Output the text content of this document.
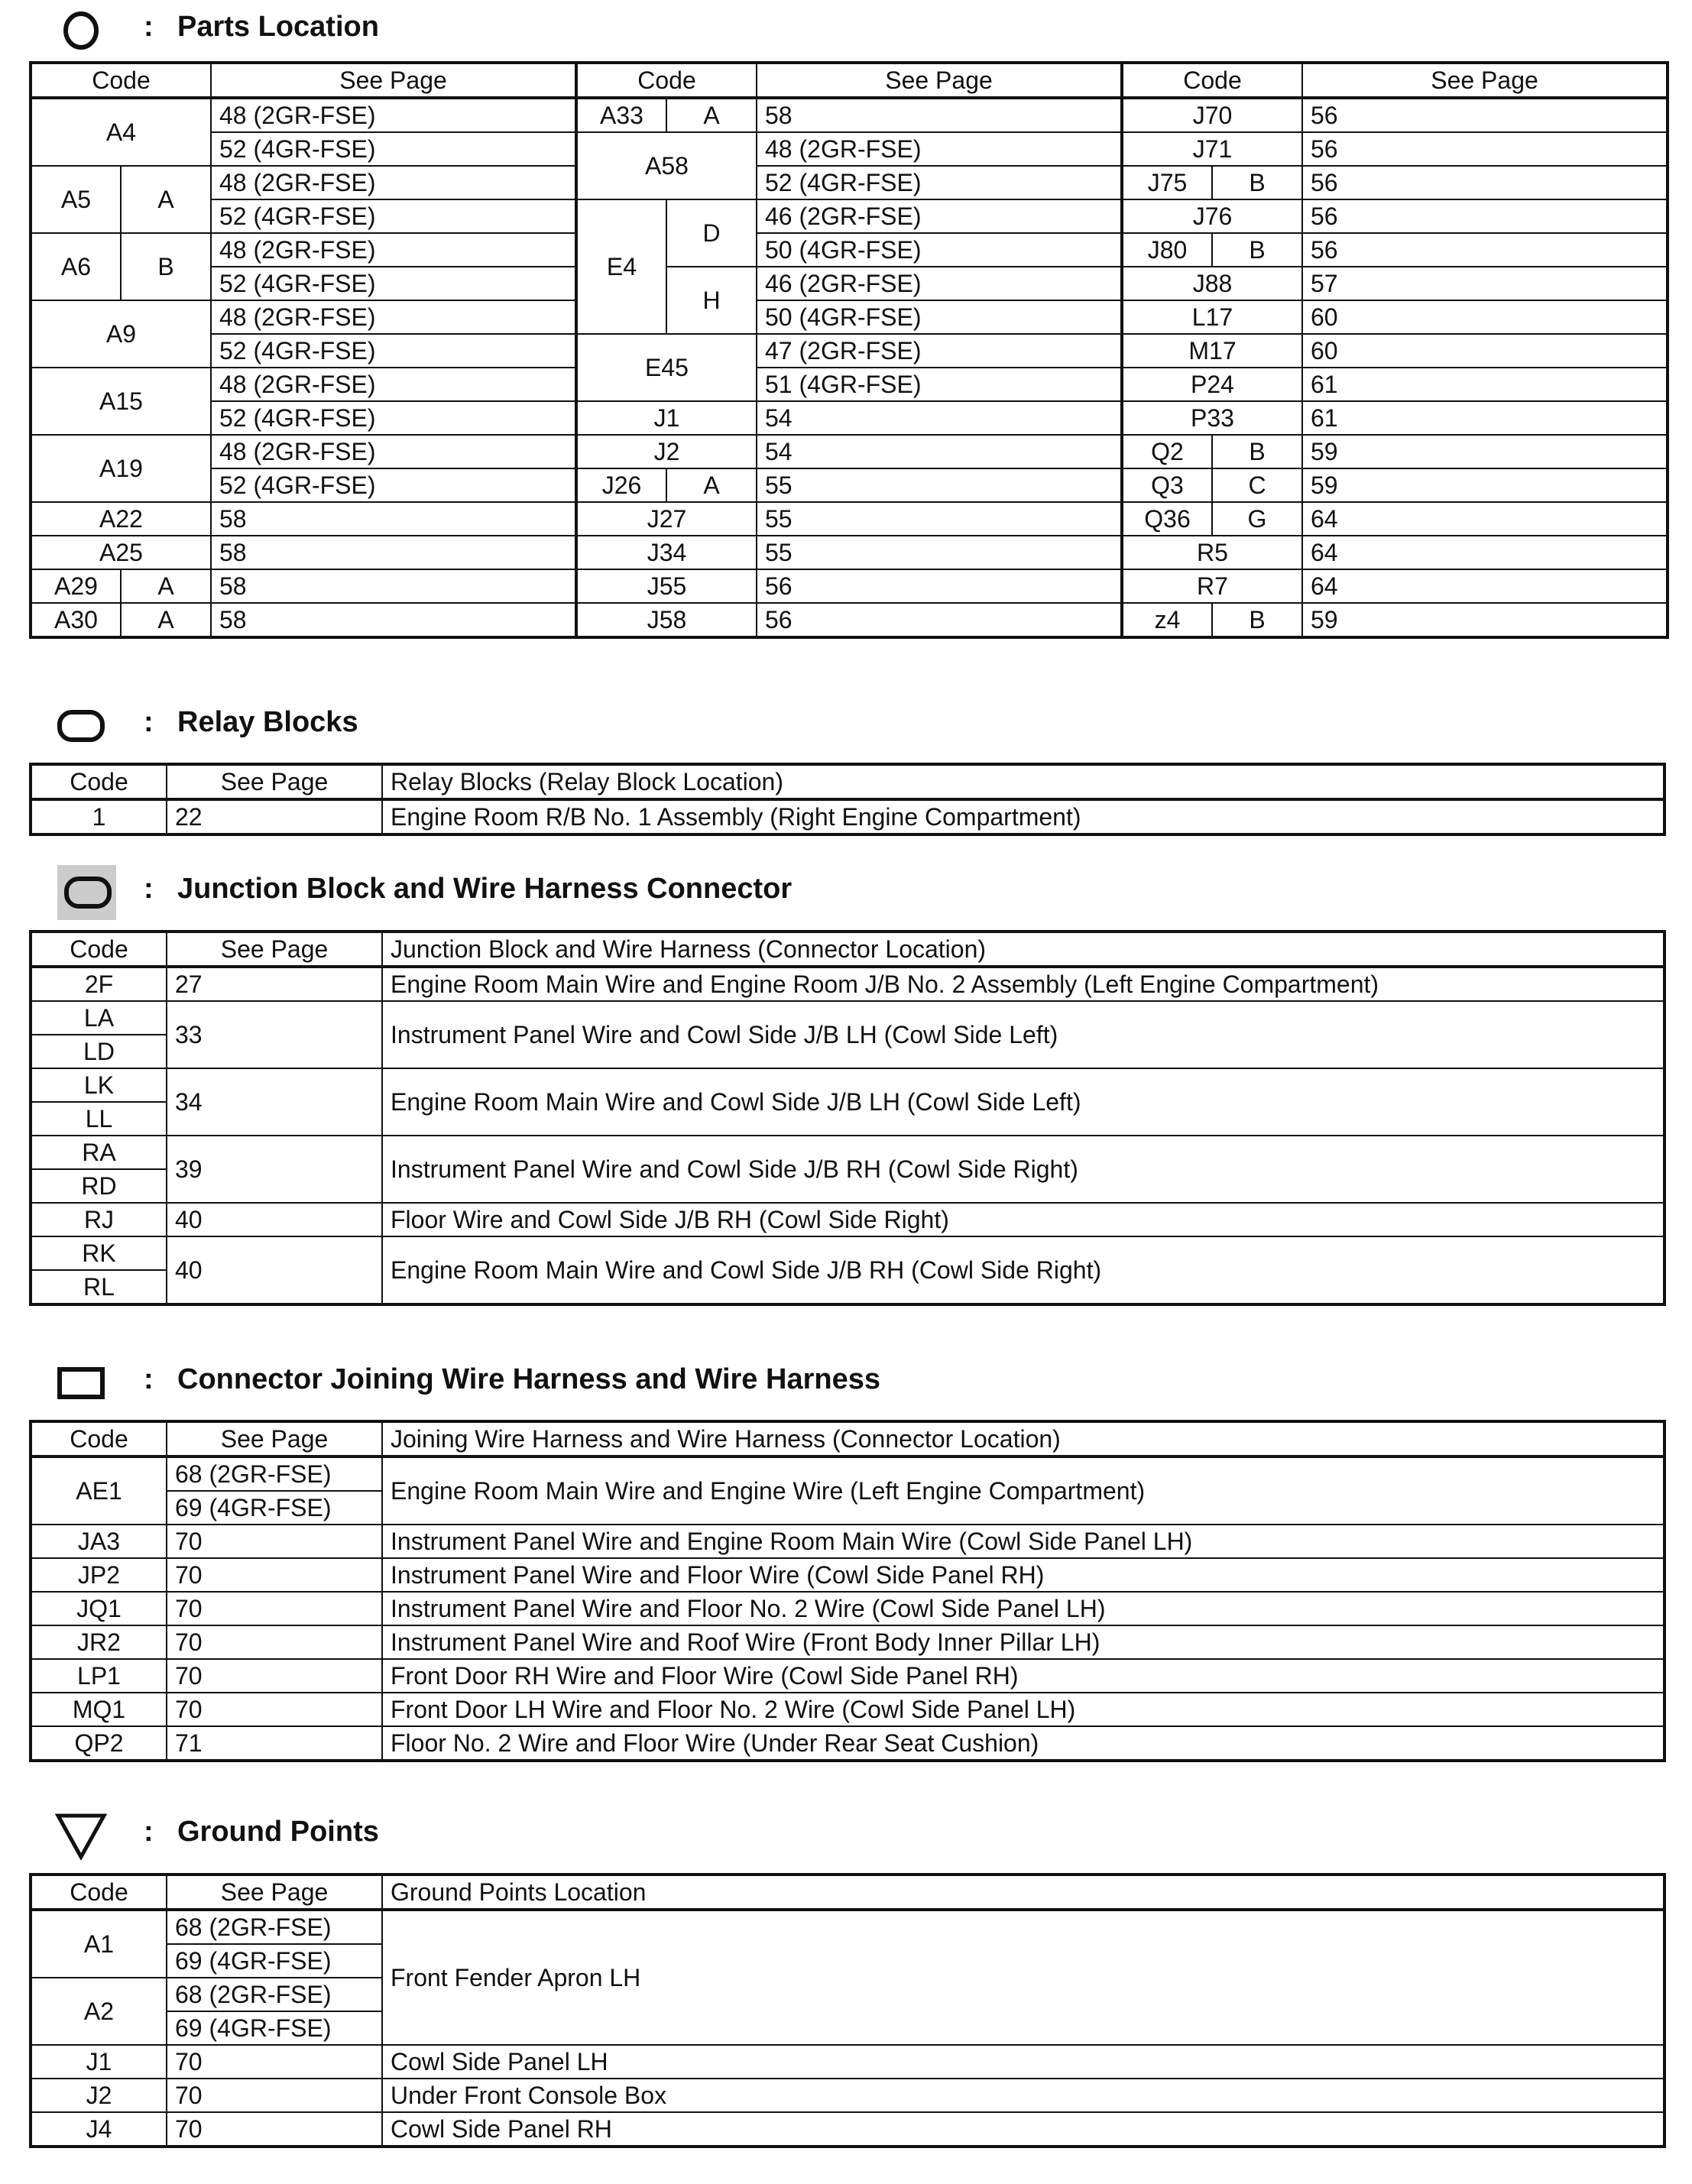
: Parts Location
Code		See Page	Code		See Page	Code		See Page
A4		48 (2GR-FSE)	A33	A	58	J70		56
		52 (4GR-FSE)	A58		48 (2GR-FSE)	J71		56
A5	A	48 (2GR-FSE)			52 (4GR-FSE)	J75	B	56
		52 (4GR-FSE)	E4	D	46 (2GR-FSE)	J76		56
A6	B	48 (2GR-FSE)			50 (4GR-FSE)	J80	B	56
		52 (4GR-FSE)		H	46 (2GR-FSE)	J88		57
A9		48 (2GR-FSE)			50 (4GR-FSE)	L17		60
		52 (4GR-FSE)	E45		47 (2GR-FSE)	M17		60
A15		48 (2GR-FSE)			51 (4GR-FSE)	P24		61
		52 (4GR-FSE)	J1		54	P33		61
A19		48 (2GR-FSE)	J2		54	Q2	B	59
		52 (4GR-FSE)	J26	A	55	Q3	C	59
A22		58	J27		55	Q36	G	64
A25		58	J34		55	R5		64
A29	A	58	J55		56	R7		64
A30	A	58	J58		56	z4	B	59
: Relay Blocks
Code	See Page	Relay Blocks (Relay Block Location)
1	22	Engine Room R/B No. 1 Assembly (Right Engine Compartment)
: Junction Block and Wire Harness Connector
Code	See Page	Junction Block and Wire Harness (Connector Location)
2F	27	Engine Room Main Wire and Engine Room J/B No. 2 Assembly (Left Engine Compartment)
LA	33	Instrument Panel Wire and Cowl Side J/B LH (Cowl Side Left)
LD		
LK	34	Engine Room Main Wire and Cowl Side J/B LH (Cowl Side Left)
LL		
RA	39	Instrument Panel Wire and Cowl Side J/B RH (Cowl Side Right)
RD		
RJ	40	Floor Wire and Cowl Side J/B RH (Cowl Side Right)
RK	40	Engine Room Main Wire and Cowl Side J/B RH (Cowl Side Right)
RL		
: Connector Joining Wire Harness and Wire Harness
Code	See Page	Joining Wire Harness and Wire Harness (Connector Location)
AE1	68 (2GR-FSE)	Engine Room Main Wire and Engine Wire (Left Engine Compartment)
	69 (4GR-FSE)	
JA3	70	Instrument Panel Wire and Engine Room Main Wire (Cowl Side Panel LH)
JP2	70	Instrument Panel Wire and Floor Wire (Cowl Side Panel RH)
JQ1	70	Instrument Panel Wire and Floor No. 2 Wire (Cowl Side Panel LH)
JR2	70	Instrument Panel Wire and Roof Wire (Front Body Inner Pillar LH)
LP1	70	Front Door RH Wire and Floor Wire (Cowl Side Panel RH)
MQ1	70	Front Door LH Wire and Floor No. 2 Wire (Cowl Side Panel LH)
QP2	71	Floor No. 2 Wire and Floor Wire (Under Rear Seat Cushion)
: Ground Points
Code	See Page	Ground Points Location
A1	68 (2GR-FSE)	Front Fender Apron LH
	69 (4GR-FSE)	
A2	68 (2GR-FSE)	
	69 (4GR-FSE)	
J1	70	Cowl Side Panel LH
J2	70	Under Front Console Box
J4	70	Cowl Side Panel RH
